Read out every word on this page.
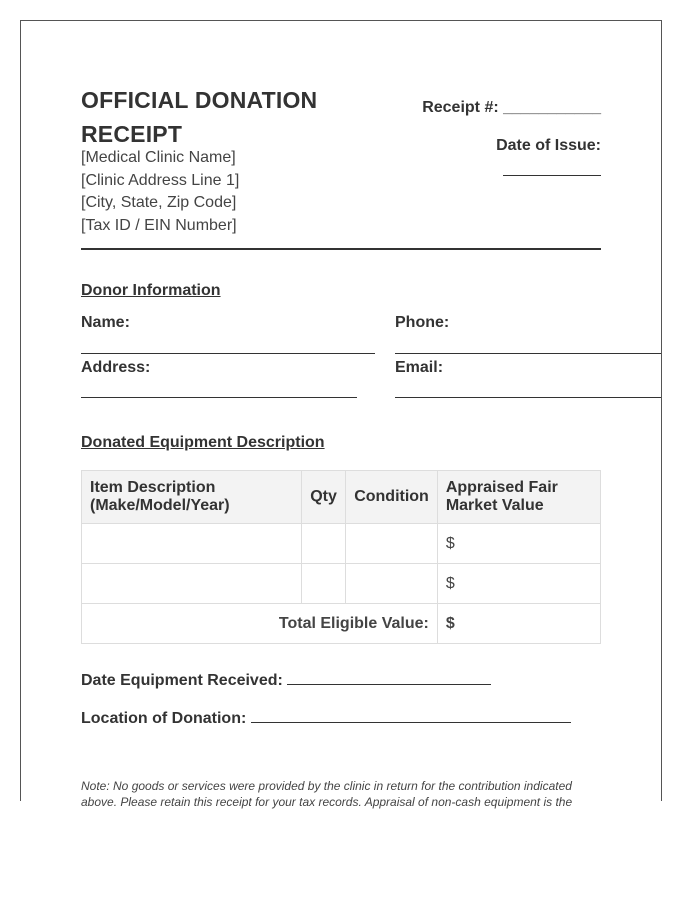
OFFICIAL DONATION RECEIPT
[Medical Clinic Name]
[Clinic Address Line 1]
[City, State, Zip Code]
[Tax ID / EIN Number]
Receipt #: ___________
Date of Issue:
Donor Information
Name:	Phone:
Address:	Email:
Donated Equipment Description
Item Description (Make/Model/Year)	Qty	Condition	Appraised Fair Market Value
			$
			$
Total Eligible Value:			$
Date Equipment Received:
Location of Donation:
Note: No goods or services were provided by the clinic in return for the contribution indicated above. Please retain this receipt for your tax records. Appraisal of non-cash equipment is the
